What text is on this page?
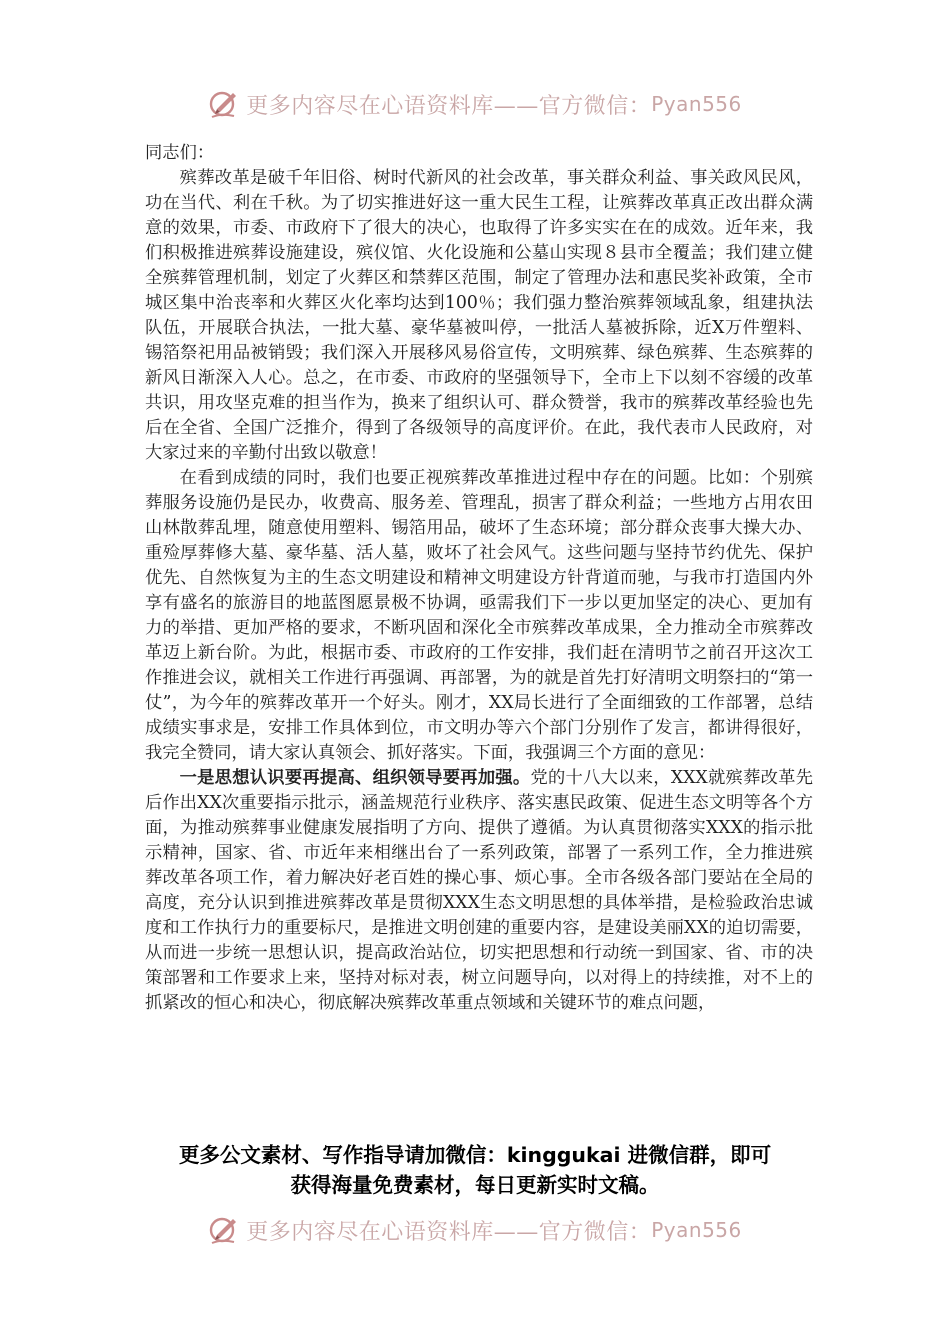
更多内容尽在心语资料库——官方微信： Pyan556

同志们：

殡葬改革是破千年旧俗、树时代新风的社会改革，事关群众利益、事关政风民风，功在当代、利在千秋。为了切实推进好这一重大民生工程，让殡葬改革真正改出群众满意的效果，市委、市政府下了很大的决心，也取得了许多实实在在的成效。近年来，我们积极推进殡葬设施建设，殡仪馆、火化设施和公墓山实现８县市全覆盖；我们建立健全殡葬管理机制，划定了火葬区和禁葬区范围，制定了管理办法和惠民奖补政策，全市城区集中治丧率和火葬区火化率均达到100％；我们强力整治殡葬领域乱象，组建执法队伍，开展联合执法，一批大墓、豪华墓被叫停，一批活人墓被拆除，近X万件塑料、锡箔祭祀用品被销毁；我们深入开展移风易俗宣传，文明殡葬、绿色殡葬、生态殡葬的新风日渐深入人心。总之，在市委、市政府的坚强领导下，全市上下以刻不容缓的改革共识，用攻坚克难的担当作为，换来了组织认可、群众赞誉，我市的殡葬改革经验也先后在全省、全国广泛推介，得到了各级领导的高度评价。在此，我代表市人民政府，对大家过来的辛勤付出致以敬意！

在看到成绩的同时，我们也要正视殡葬改革推进过程中存在的问题。比如：个别殡葬服务设施仍是民办，收费高、服务差、管理乱，损害了群众利益；一些地方占用农田山林散葬乱埋，随意使用塑料、锡箔用品，破坏了生态环境；部分群众丧事大操大办、重殓厚葬修大墓、豪华墓、活人墓，败坏了社会风气。这些问题与坚持节约优先、保护优先、自然恢复为主的生态文明建设和精神文明建设方针背道而驰，与我市打造国内外享有盛名的旅游目的地蓝图愿景极不协调，亟需我们下一步以更加坚定的决心、更加有力的举措、更加严格的要求，不断巩固和深化全市殡葬改革成果，全力推动全市殡葬改革迈上新台阶。为此，根据市委、市政府的工作安排，我们赶在清明节之前召开这次工作推进会议，就相关工作进行再强调、再部署，为的就是首先打好清明文明祭扫的“第一仗”，为今年的殡葬改革开一个好头。刚才，XX局长进行了全面细致的工作部署，总结成绩实事求是，安排工作具体到位，市文明办等六个部门分别作了发言，都讲得很好，我完全赞同，请大家认真领会、抓好落实。下面，我强调三个方面的意见：

一是思想认识要再提高、组织领导要再加强。党的十八大以来，XXX就殡葬改革先后作出XX次重要指示批示，涵盖规范行业秩序、落实惠民政策、促进生态文明等各个方面，为推动殡葬事业健康发展指明了方向、提供了遵循。为认真贯彻落实XXX的指示批示精神，国家、省、市近年来相继出台了一系列政策，部署了一系列工作，全力推进殡葬改革各项工作，着力解决好老百姓的操心事、烦心事。全市各级各部门要站在全局的高度，充分认识到推进殡葬改革是贯彻XXX生态文明思想的具体举措，是检验政治忠诚度和工作执行力的重要标尺，是推进文明创建的重要内容，是建设美丽XX的迫切需要，从而进一步统一思想认识，提高政治站位，切实把思想和行动统一到国家、省、市的决策部署和工作要求上来，坚持对标对表，树立问题导向，以对得上的持续推，对不上的抓紧改的恒心和决心，彻底解决殡葬改革重点领域和关键环节的难点问题，

更多公文素材、写作指导请加微信：kinggukai 进微信群，即可
获得海量免费素材，每日更新实时文稿。
更多内容尽在心语资料库——官方微信： Pyan556
